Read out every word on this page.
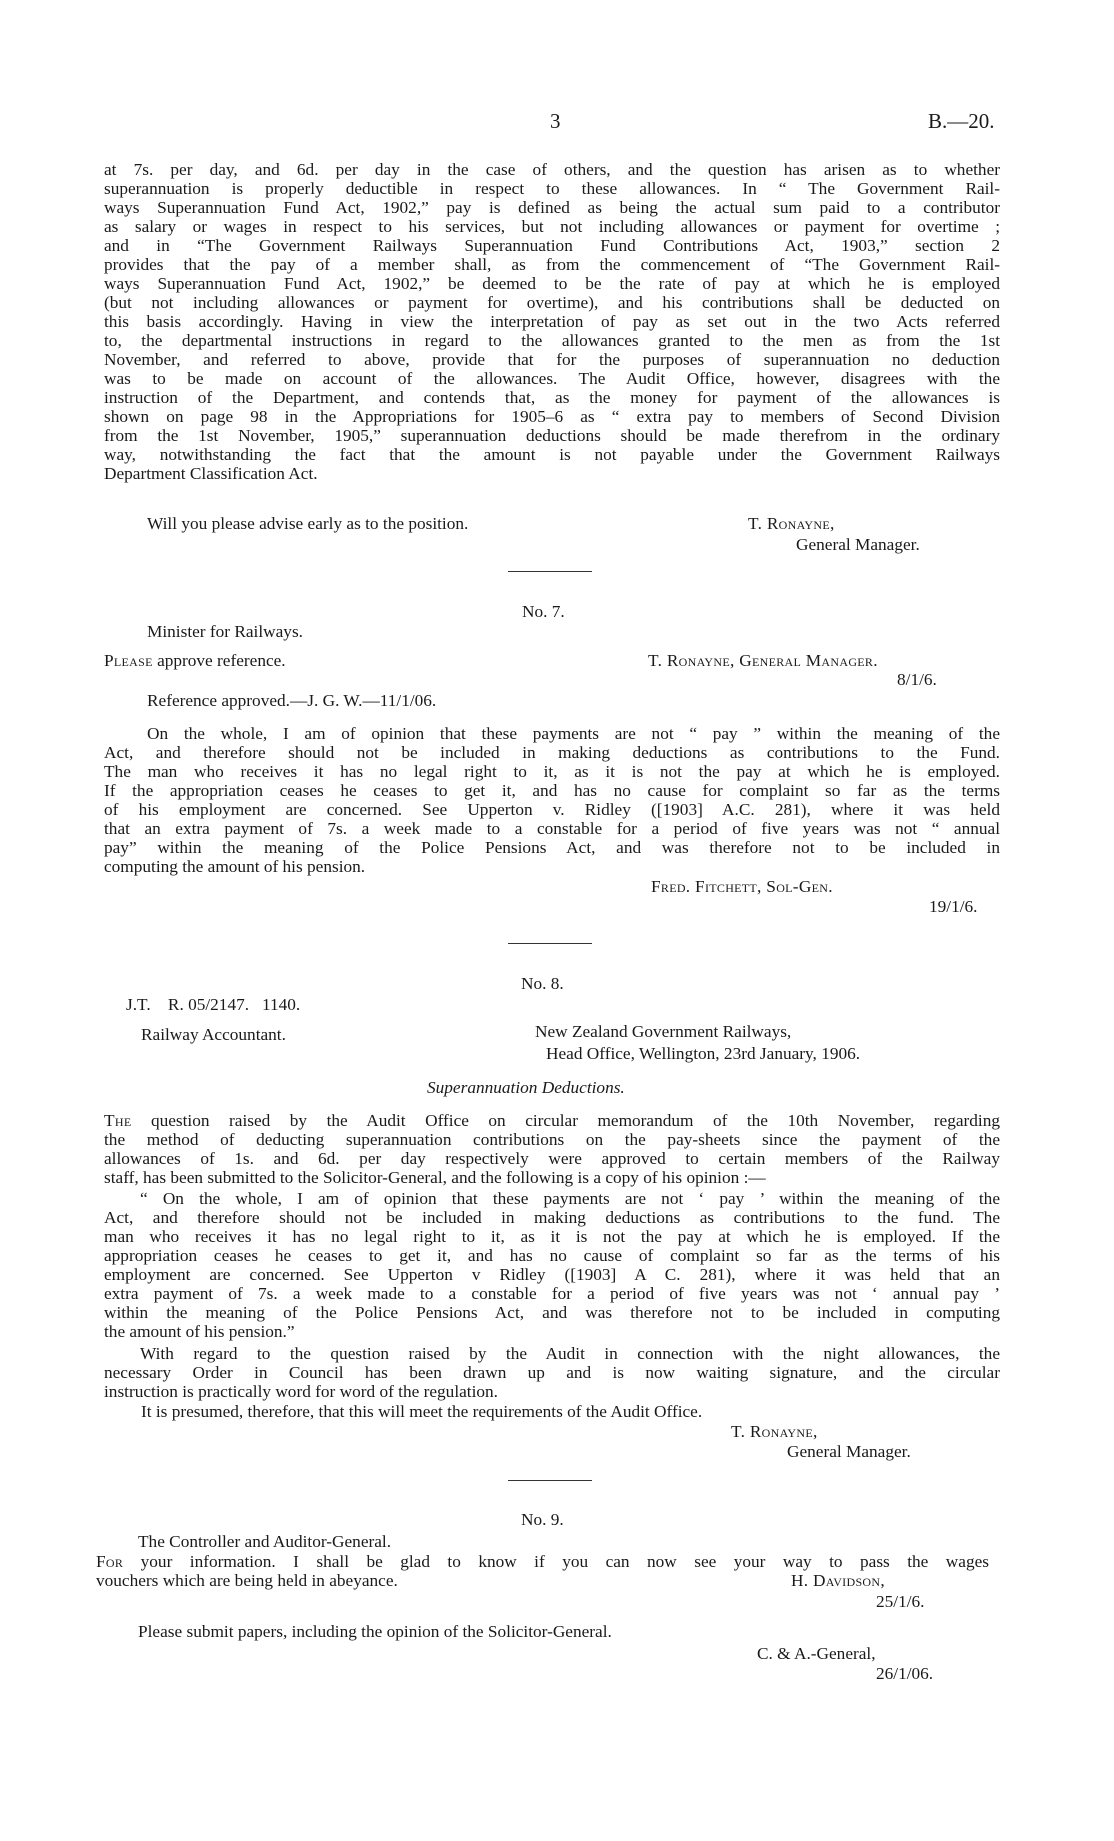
3	B.—20.
at 7s. per day, and 6d. per day in the case of others, and the question has arisen as to whether
superannuation is properly deductible in respect to these allowances. In “ The Government Rail-
ways Superannuation Fund Act, 1902,” pay is defined as being the actual sum paid to a contributor
as salary or wages in respect to his services, but not including allowances or payment for overtime ;
and in “The Government Railways Superannuation Fund Contributions Act, 1903,” section 2
provides that the pay of a member shall, as from the commencement of “The Government Rail-
ways Superannuation Fund Act, 1902,” be deemed to be the rate of pay at which he is employed
(but not including allowances or payment for overtime), and his contributions shall be deducted on
this basis accordingly. Having in view the interpretation of pay as set out in the two Acts referred
to, the departmental instructions in regard to the allowances granted to the men as from the 1st
November, and referred to above, provide that for the purposes of superannuation no deduction
was to be made on account of the allowances. The Audit Office, however, disagrees with the
instruction of the Department, and contends that, as the money for payment of the allowances is
shown on page 98 in the Appropriations for 1905–6 as “ extra pay to members of Second Division
from the 1st November, 1905,” superannuation deductions should be made therefrom in the ordinary
way, notwithstanding the fact that the amount is not payable under the Government Railways
Department Classification Act.
Will you please advise early as to the position.	T. Ronayne,
General Manager.
No. 7.
Minister for Railways.
Please approve reference.	T. Ronayne, General Manager.
8/1/6.
Reference approved.—J. G. W.—11/1/06.
On the whole, I am of opinion that these payments are not “ pay ” within the meaning of the
Act, and therefore should not be included in making deductions as contributions to the Fund.
The man who receives it has no legal right to it, as it is not the pay at which he is employed.
If the appropriation ceases he ceases to get it, and has no cause for complaint so far as the terms
of his employment are concerned. See Upperton v. Ridley ([1903] A.C. 281), where it was held
that an extra payment of 7s. a week made to a constable for a period of five years was not “ annual
pay” within the meaning of the Police Pensions Act, and was therefore not to be included in
computing the amount of his pension.
Fred. Fitchett, Sol-Gen.
19/1/6.
No. 8.
J.T.    R. 05/2147.   1140.
New Zealand Government Railways,
Railway Accountant.
Head Office, Wellington, 23rd January, 1906.
Superannuation Deductions.
The question raised by the Audit Office on circular memorandum of the 10th November, regarding
the method of deducting superannuation contributions on the pay-sheets since the payment of the
allowances of 1s. and 6d. per day respectively were approved to certain members of the Railway
staff, has been submitted to the Solicitor-General, and the following is a copy of his opinion :—
“ On the whole, I am of opinion that these payments are not ‘ pay ’ within the meaning of the
Act, and therefore should not be included in making deductions as contributions to the fund. The
man who receives it has no legal right to it, as it is not the pay at which he is employed. If the
appropriation ceases he ceases to get it, and has no cause of complaint so far as the terms of his
employment are concerned. See Upperton v Ridley ([1903] A C. 281), where it was held that an
extra payment of 7s. a week made to a constable for a period of five years was not ‘ annual pay ’
within the meaning of the Police Pensions Act, and was therefore not to be included in computing
the amount of his pension.”
With regard to the question raised by the Audit in connection with the night allowances, the
necessary Order in Council has been drawn up and is now waiting signature, and the circular
instruction is practically word for word of the regulation.
It is presumed, therefore, that this will meet the requirements of the Audit Office.
T. Ronayne,
General Manager.
No. 9.
The Controller and Auditor-General.
For your information. I shall be glad to know if you can now see your way to pass the wages
vouchers which are being held in abeyance.	H. Davidson,
25/1/6.
Please submit papers, including the opinion of the Solicitor-General.
C. & A.-General,
26/1/06.
